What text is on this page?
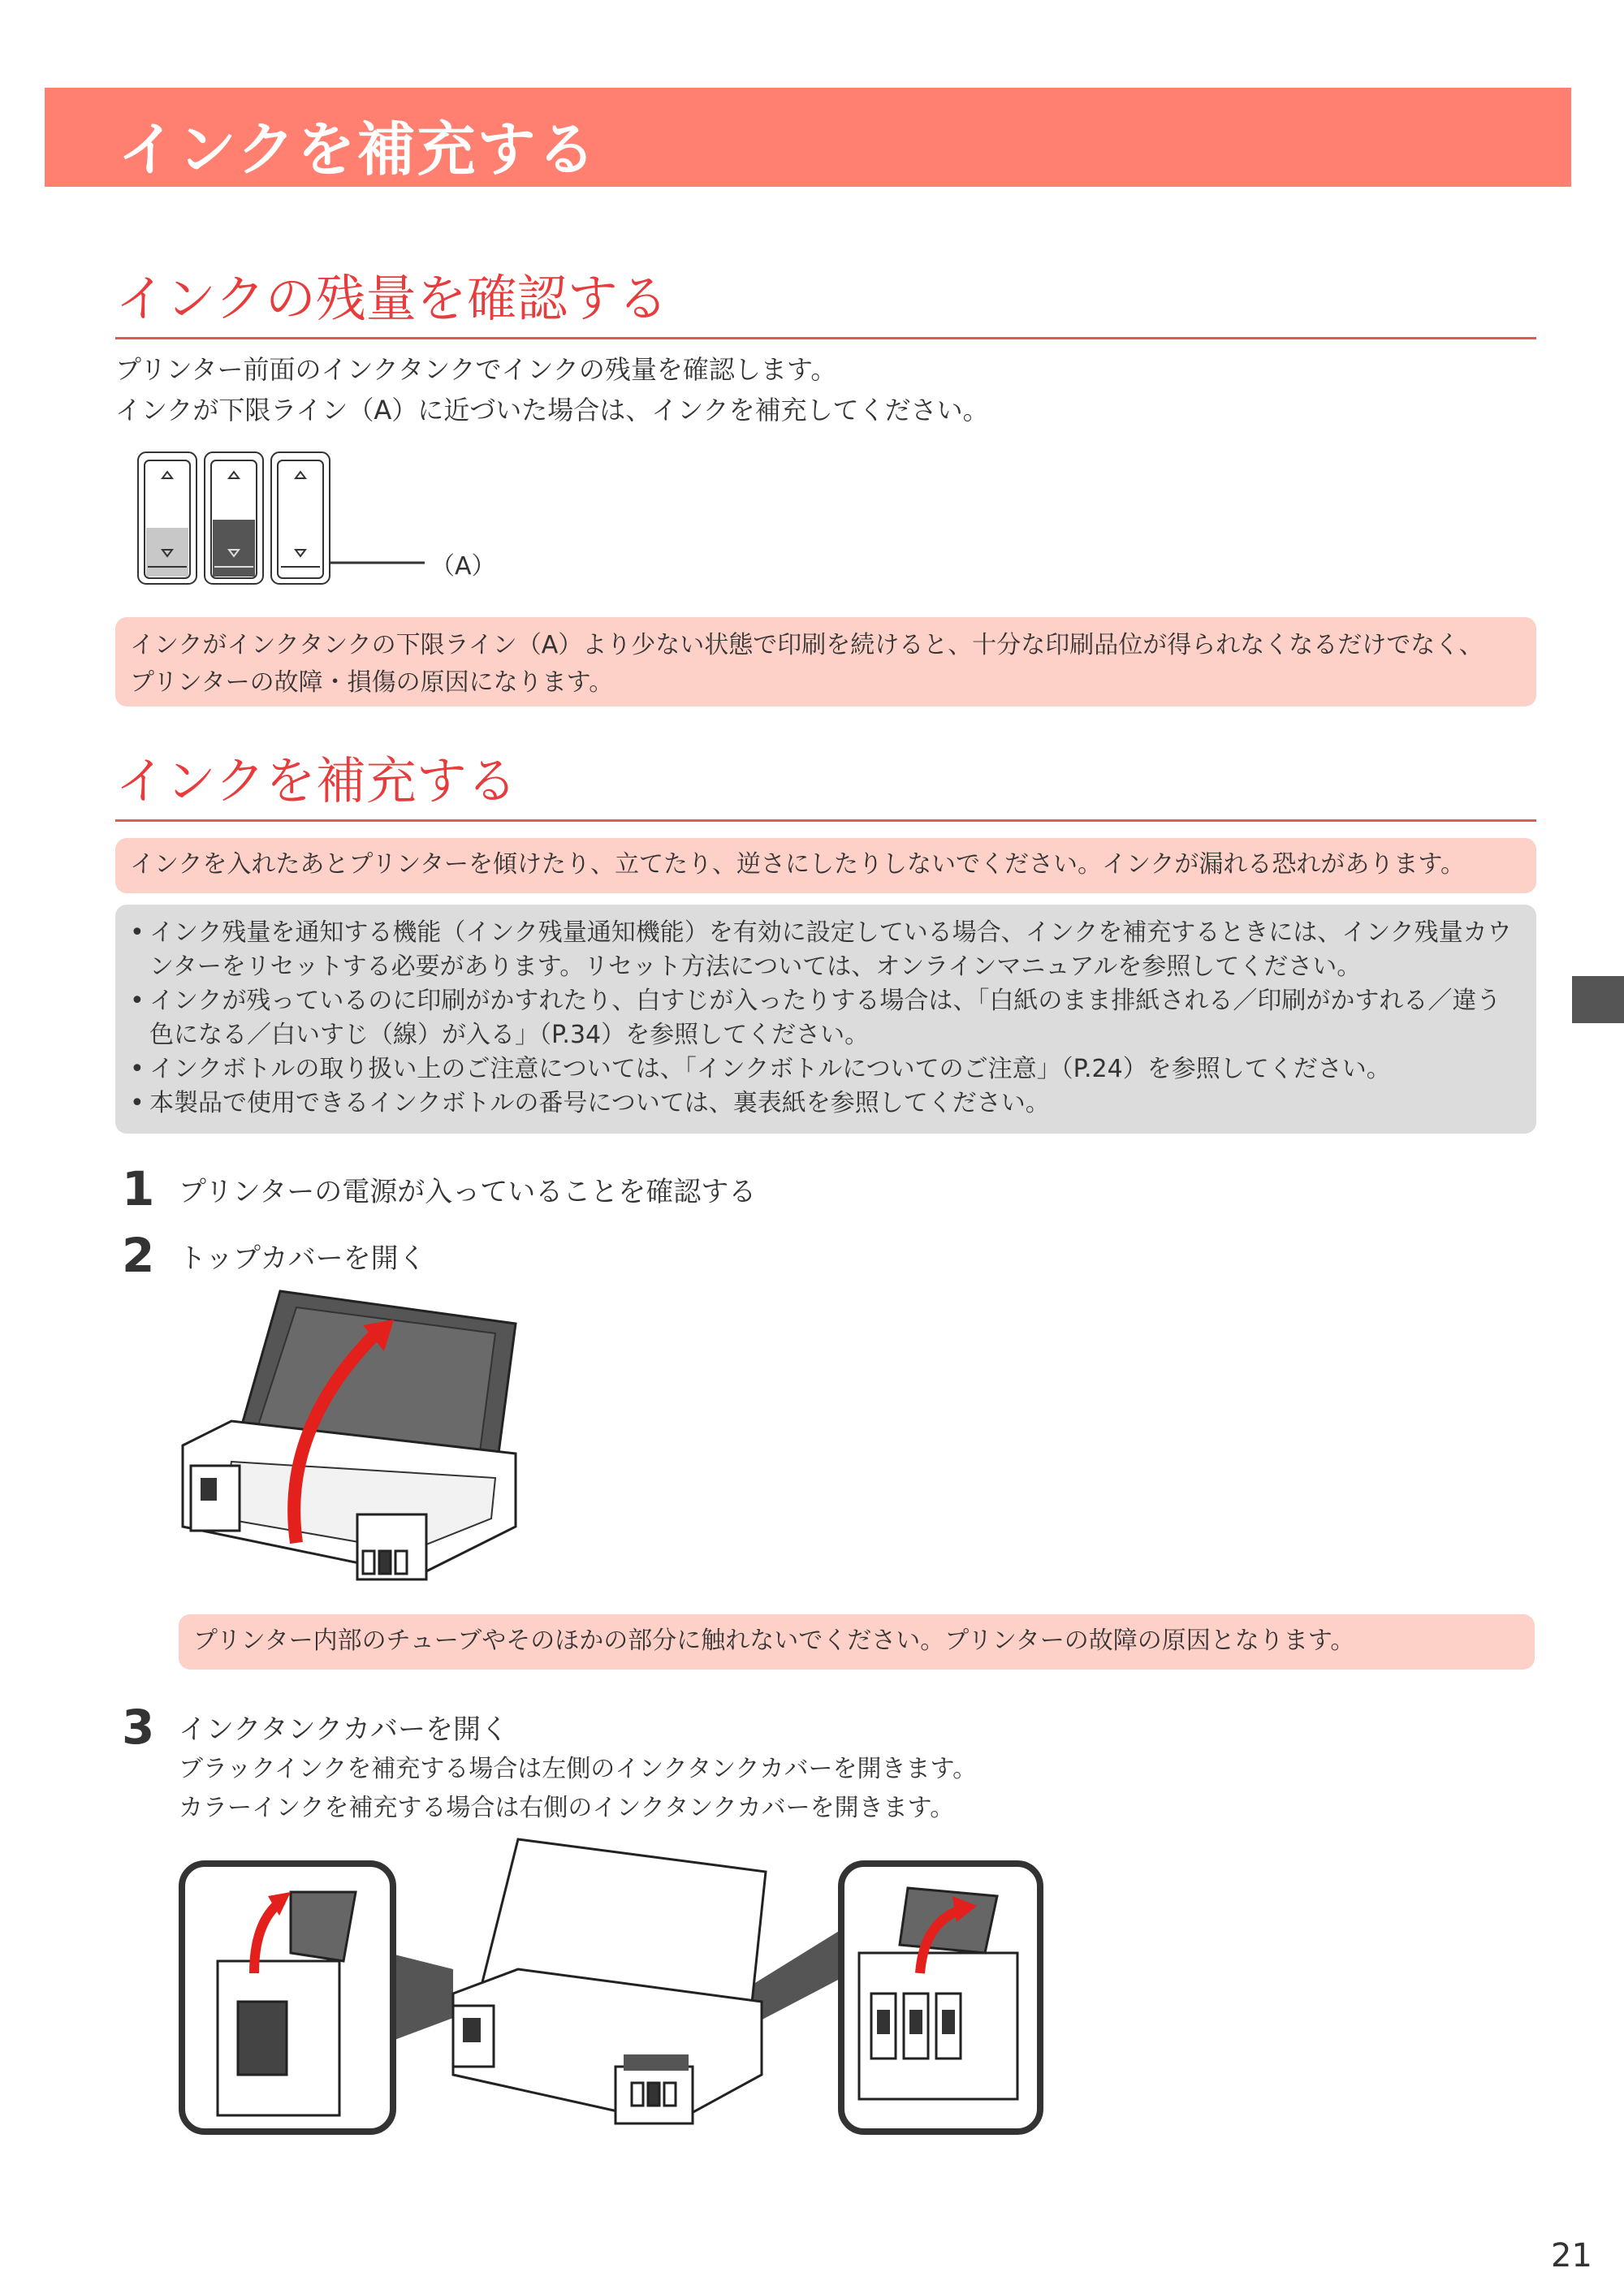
インクを補充する
インクの残量を確認する
プリンター前面のインクタンクでインクの残量を確認します。
インクが下限ライン（A）に近づいた場合は、インクを補充してください。
（A）
インクがインクタンクの下限ライン（A）より少ない状態で印刷を続けると、十分な印刷品位が得られなくなるだけでなく、
プリンターの故障・損傷の原因になります。
インクを補充する
インクを入れたあとプリンターを傾けたり、立てたり、逆さにしたりしないでください。インクが漏れる恐れがあります。
• インク残量を通知する機能（インク残量通知機能）を有効に設定している場合、インクを補充するときには、インク残量カウンターをリセットする必要があります。リセット方法については、オンラインマニュアルを参照してください。
• インクが残っているのに印刷がかすれたり、白すじが入ったりする場合は、「白紙のまま排紙される／印刷がかすれる／違う色になる／白いすじ（線）が入る」（P.34）を参照してください。
• インクボトルの取り扱い上のご注意については、「インクボトルについてのご注意」（P.24）を参照してください。
• 本製品で使用できるインクボトルの番号については、裏表紙を参照してください。
1 プリンターの電源が入っていることを確認する
2 トップカバーを開く
プリンター内部のチューブやそのほかの部分に触れないでください。プリンターの故障の原因となります。
3 インクタンクカバーを開く
ブラックインクを補充する場合は左側のインクタンクカバーを開きます。
カラーインクを補充する場合は右側のインクタンクカバーを開きます。
21
